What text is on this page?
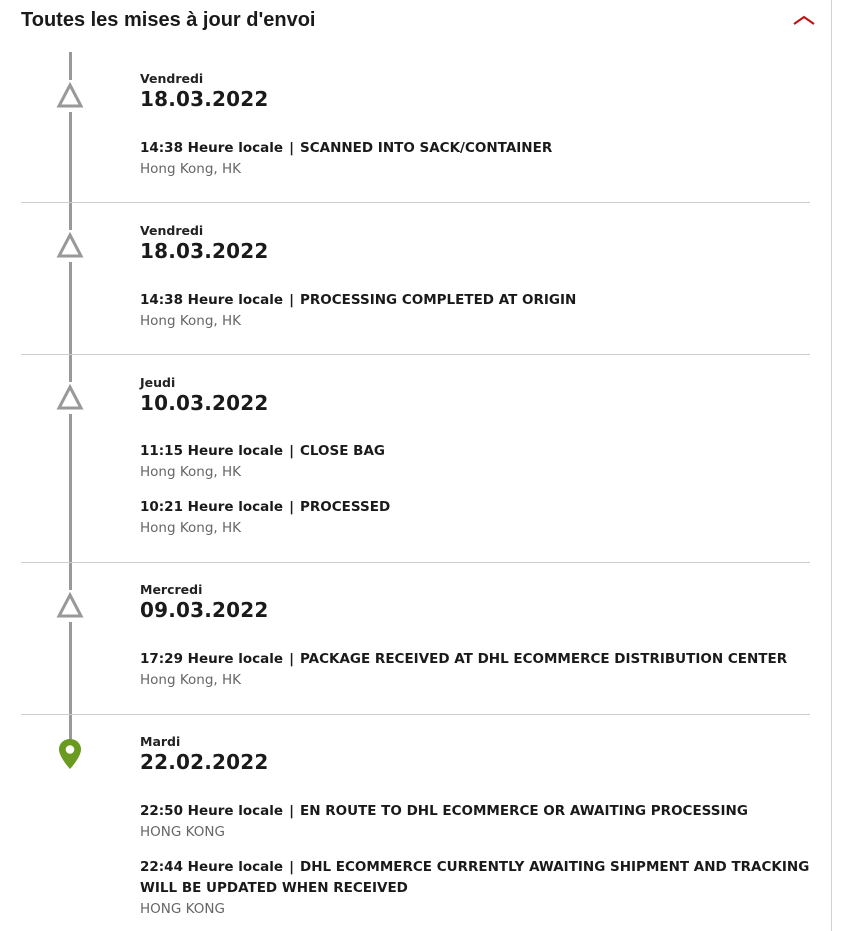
Toutes les mises à jour d'envoi
Vendredi
18.03.2022
14:38 Heure locale | SCANNED INTO SACK/CONTAINER
Hong Kong, HK
Vendredi
18.03.2022
14:38 Heure locale | PROCESSING COMPLETED AT ORIGIN
Hong Kong, HK
Jeudi
10.03.2022
11:15 Heure locale | CLOSE BAG
Hong Kong, HK
10:21 Heure locale | PROCESSED
Hong Kong, HK
Mercredi
09.03.2022
17:29 Heure locale | PACKAGE RECEIVED AT DHL ECOMMERCE DISTRIBUTION CENTER
Hong Kong, HK
Mardi
22.02.2022
22:50 Heure locale | EN ROUTE TO DHL ECOMMERCE OR AWAITING PROCESSING
HONG KONG
22:44 Heure locale | DHL ECOMMERCE CURRENTLY AWAITING SHIPMENT AND TRACKING WILL BE UPDATED WHEN RECEIVED
HONG KONG
